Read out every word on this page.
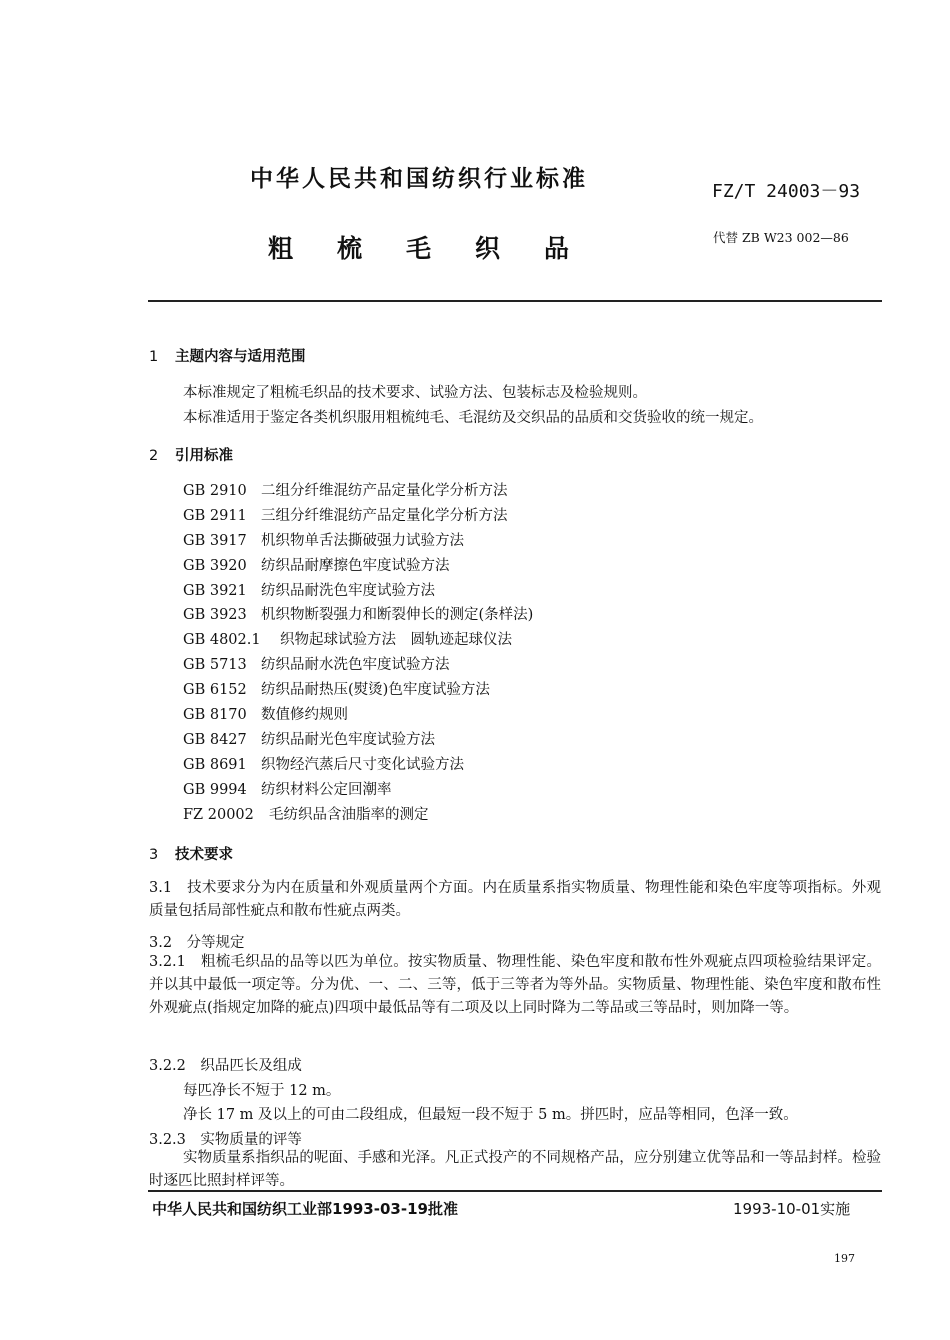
中华人民共和国纺织行业标准	FZ/T 24003－93
粗梳毛织品	代替 ZB W23 002—86
1 主题内容与适用范围
本标准规定了粗梳毛织品的技术要求、试验方法、包装标志及检验规则。
本标准适用于鉴定各类机织服用粗梳纯毛、毛混纺及交织品的品质和交货验收的统一规定。
2 引用标准
GB 2910 二组分纤维混纺产品定量化学分析方法
GB 2911 三组分纤维混纺产品定量化学分析方法
GB 3917 机织物单舌法撕破强力试验方法
GB 3920 纺织品耐摩擦色牢度试验方法
GB 3921 纺织品耐洗色牢度试验方法
GB 3923 机织物断裂强力和断裂伸长的测定(条样法)
GB 4802.1 织物起球试验方法　圆轨迹起球仪法
GB 5713 纺织品耐水洗色牢度试验方法
GB 6152 纺织品耐热压(熨烫)色牢度试验方法
GB 8170 数值修约规则
GB 8427 纺织品耐光色牢度试验方法
GB 8691 织物经汽蒸后尺寸变化试验方法
GB 9994 纺织材料公定回潮率
FZ 20002 毛纺织品含油脂率的测定
3 技术要求
3.1　技术要求分为内在质量和外观质量两个方面。内在质量系指实物质量、物理性能和染色牢度等项指标。外观质量包括局部性疵点和散布性疵点两类。
3.2　分等规定
3.2.1　粗梳毛织品的品等以匹为单位。按实物质量、物理性能、染色牢度和散布性外观疵点四项检验结果评定。并以其中最低一项定等。分为优、一、二、三等，低于三等者为等外品。实物质量、物理性能、染色牢度和散布性外观疵点(指规定加降的疵点)四项中最低品等有二项及以上同时降为二等品或三等品时，则加降一等。
3.2.2　织品匹长及组成
每匹净长不短于 12 m。
净长 17 m 及以上的可由二段组成，但最短一段不短于 5 m。拼匹时，应品等相同，色泽一致。
3.2.3　实物质量的评等
实物质量系指织品的呢面、手感和光泽。凡正式投产的不同规格产品，应分别建立优等品和一等品封样。检验时逐匹比照封样评等。
中华人民共和国纺织工业部1993-03-19批准	1993-10-01实施
197
